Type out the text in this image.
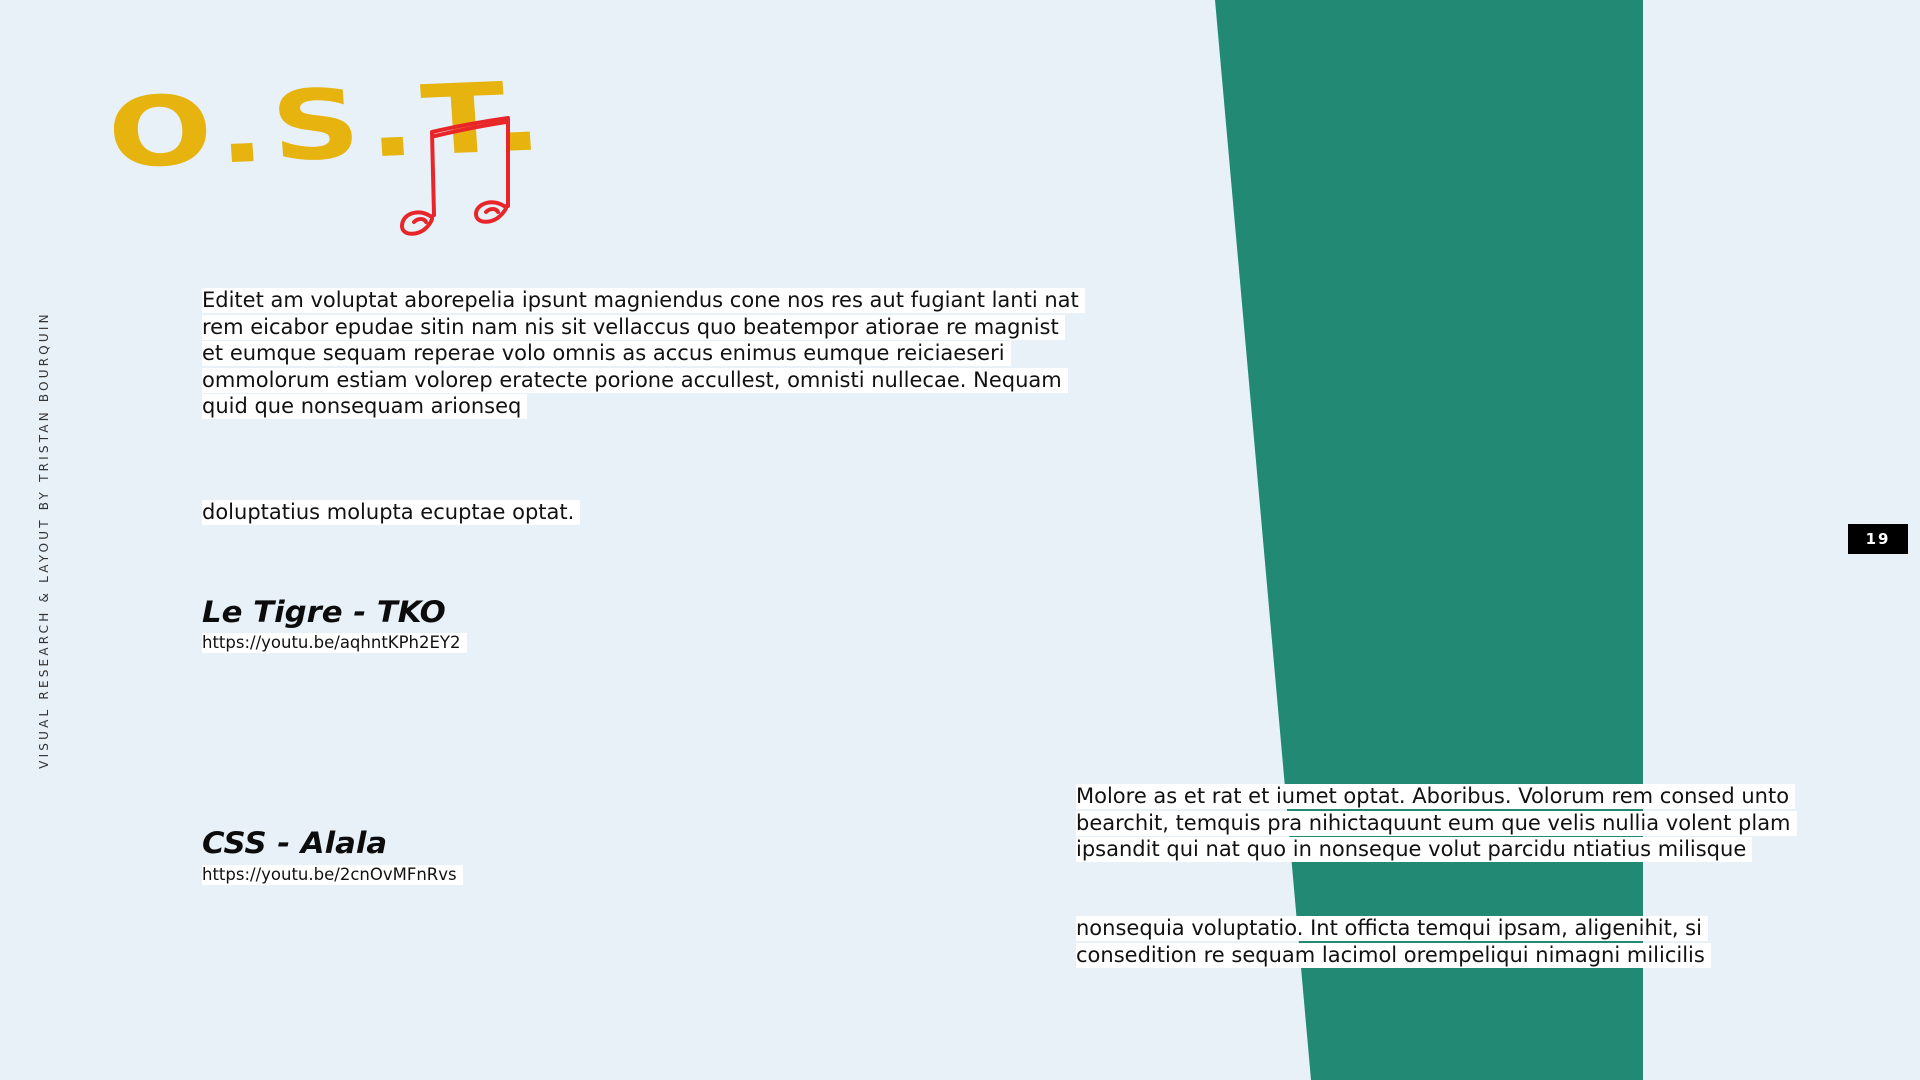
O.S.T.
VISUAL RESEARCH & LAYOUT BY TRISTAN BOURQUIN

Editet am voluptat aborepelia ipsunt magniendus cone nos res aut fugiant lanti nat rem eicabor epudae sitin nam nis sit vellaccus quo beatempor atiorae re magnist et eumque sequam reperae volo omnis as accus enimus eumque reiciaeseri ommolorum estiam volorep eratecte porione accullest, omnisti nullecae. Nequam quid que nonsequam arionseq

doluptatius molupta ecuptae optat.

Le Tigre - TKO

https://youtu.be/aqhntKPh2EY2

CSS - Alala

https://youtu.be/2cnOvMFnRvs

Molore as et rat et iumet optat. Aboribus. Volorum rem consed unto bearchit, temquis pra nihictaquunt eum que velis nullia volent plam ipsandit qui nat quo in nonseque volut parcidu ntiatius milisque

nonsequia voluptatio. Int officta temqui ipsam, aligenihit, si consedition re sequam lacimol orempeliqui nimagni milicilis

19
